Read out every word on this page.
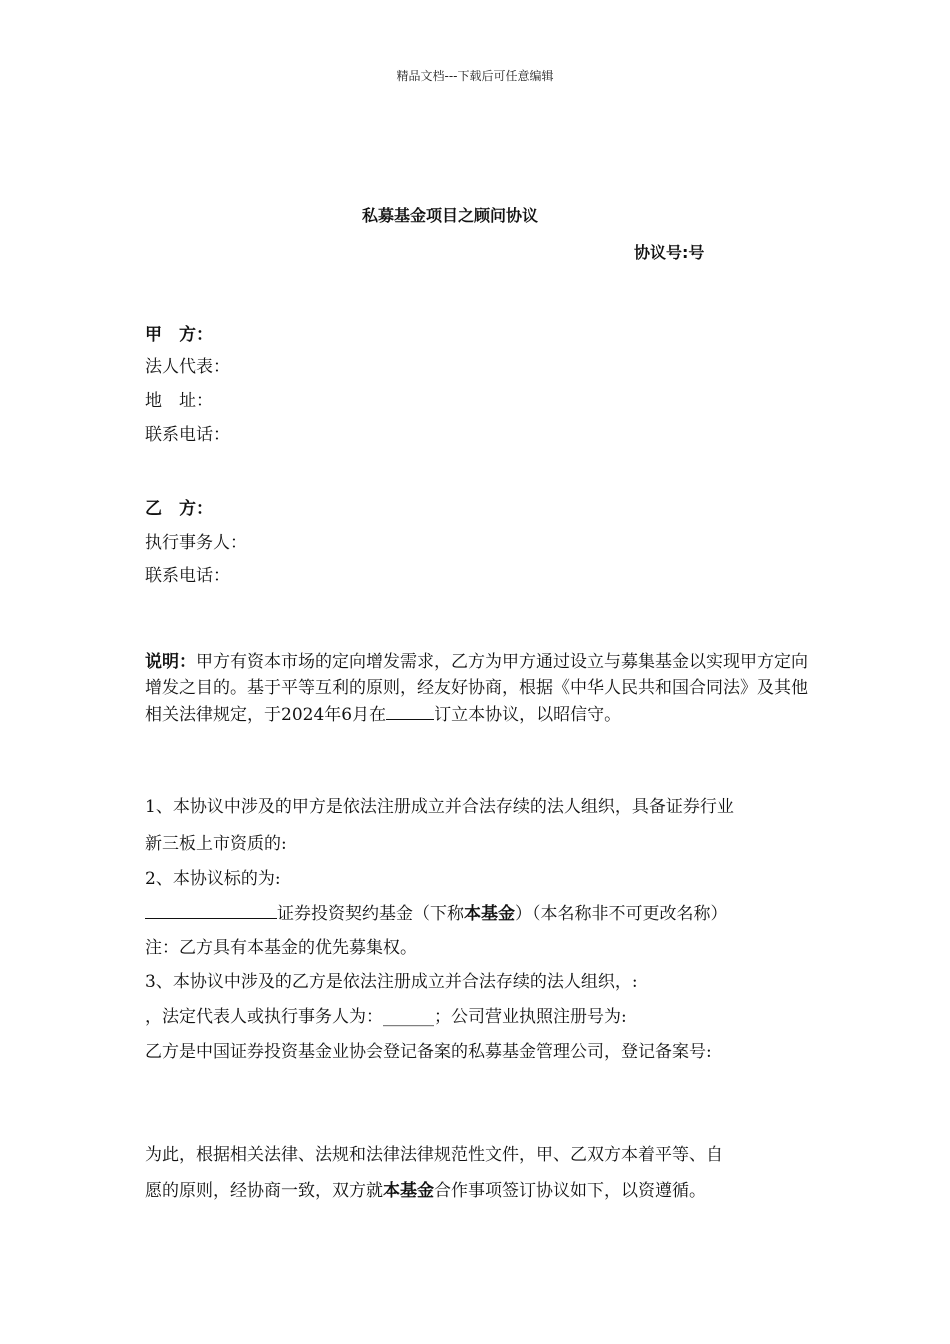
精品文档---下载后可任意编辑
私募基金项目之顾问协议
协议号:号
甲　方：
法人代表：
地　址：
联系电话：
乙　方：
执行事务人：
联系电话：
说明：甲方有资本市场的定向增发需求，乙方为甲方通过设立与募集基金以实现甲方定向增发之目的。基于平等互利的原则，经友好协商，根据《中华人民共和国合同法》及其他相关法律规定，于2024年6月在	订立本协议，以昭信守。
1、本协议中涉及的甲方是依法注册成立并合法存续的法人组织，具备证券行业
新三板上市资质的:
2、本协议标的为:
证券投资契约基金（下称本基金）（本名称非不可更改名称）
注：乙方具有本基金的优先募集权。
3、本协议中涉及的乙方是依法注册成立并合法存续的法人组织，:
，法定代表人或执行事务人为：______；公司营业执照注册号为:
乙方是中国证券投资基金业协会登记备案的私募基金管理公司，登记备案号:
为此，根据相关法律、法规和法律法律规范性文件，甲、乙双方本着平等、自
愿的原则，经协商一致，双方就本基金合作事项签订协议如下，以资遵循。
